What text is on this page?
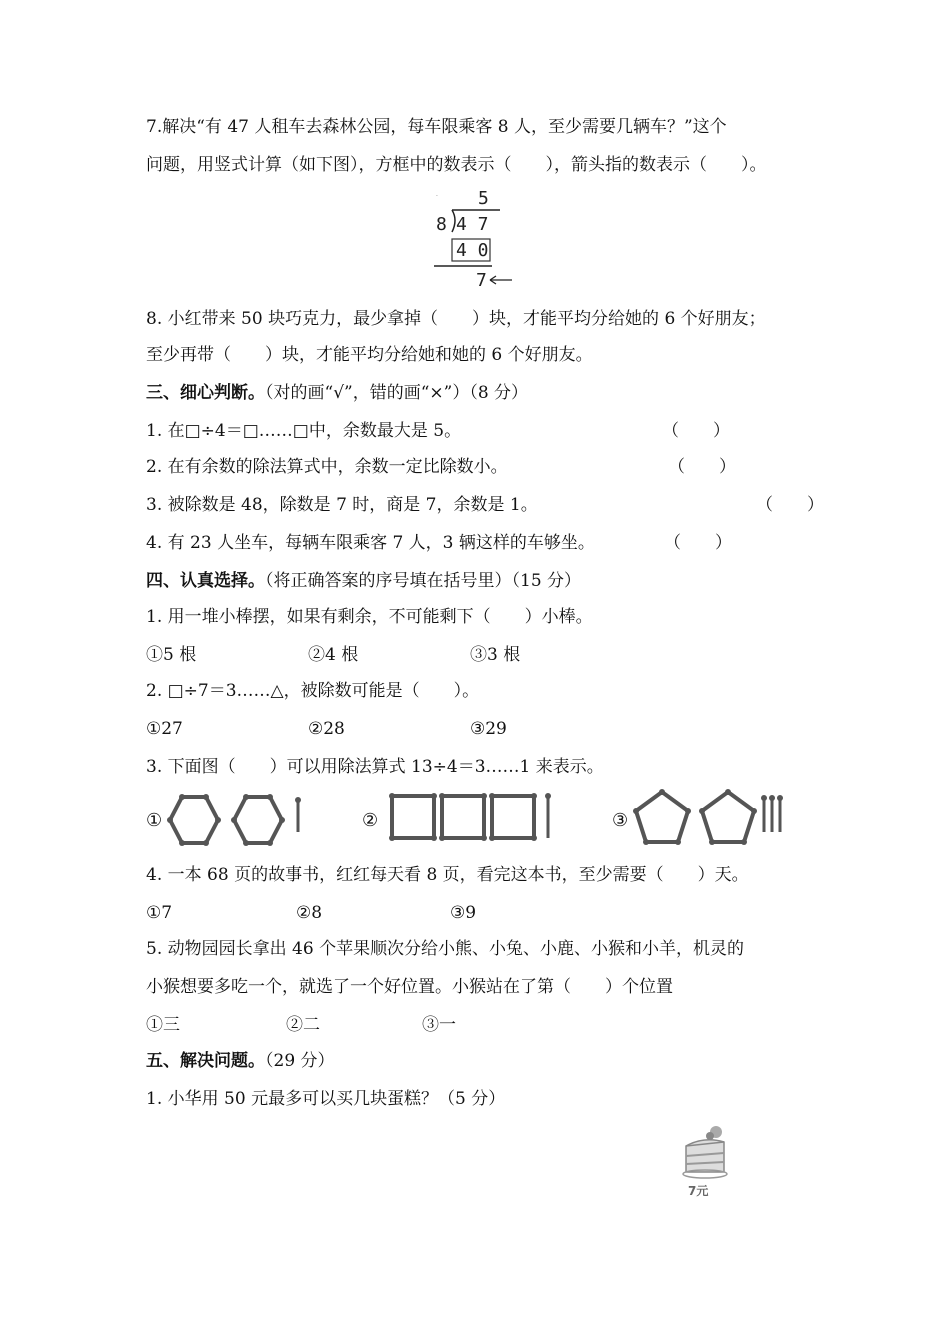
7.解决“有 47 人租车去森林公园，每车限乘客 8 人，至少需要几辆车？”这个
问题，用竖式计算（如下图），方框中的数表示（　　），箭头指的数表示（　　）。
· 5
8 4 7
4 0
7
8. 小红带来 50 块巧克力，最少拿掉（　　）块，才能平均分给她的 6 个好朋友；
至少再带（　　）块，才能平均分给她和她的 6 个好朋友。
三、细心判断。（对的画“√”，错的画“×”）（8 分）
1. 在□÷4＝□……□中，余数最大是 5。	（　　）
2. 在有余数的除法算式中，余数一定比除数小。	（　　）
3. 被除数是 48，除数是 7 时，商是 7，余数是 1。	（　　）
4. 有 23 人坐车，每辆车限乘客 7 人，3 辆这样的车够坐。	（　　）
四、认真选择。（将正确答案的序号填在括号里）（15 分）
1. 用一堆小棒摆，如果有剩余，不可能剩下（　　）小棒。
①5 根	②4 根	③3 根
2. □÷7＝3……△，被除数可能是（　　）。
①27	②28	③29
3. 下面图（　　）可以用除法算式 13÷4＝3……1 来表示。
①	②	③
4. 一本 68 页的故事书，红红每天看 8 页，看完这本书，至少需要（　　）天。
①7	②8	③9
5. 动物园园长拿出 46 个苹果顺次分给小熊、小兔、小鹿、小猴和小羊，机灵的
小猴想要多吃一个，就选了一个好位置。小猴站在了第（　　）个位置
①三	②二	③一
五、解决问题。（29 分）
1. 小华用 50 元最多可以买几块蛋糕？（5 分）
7元
